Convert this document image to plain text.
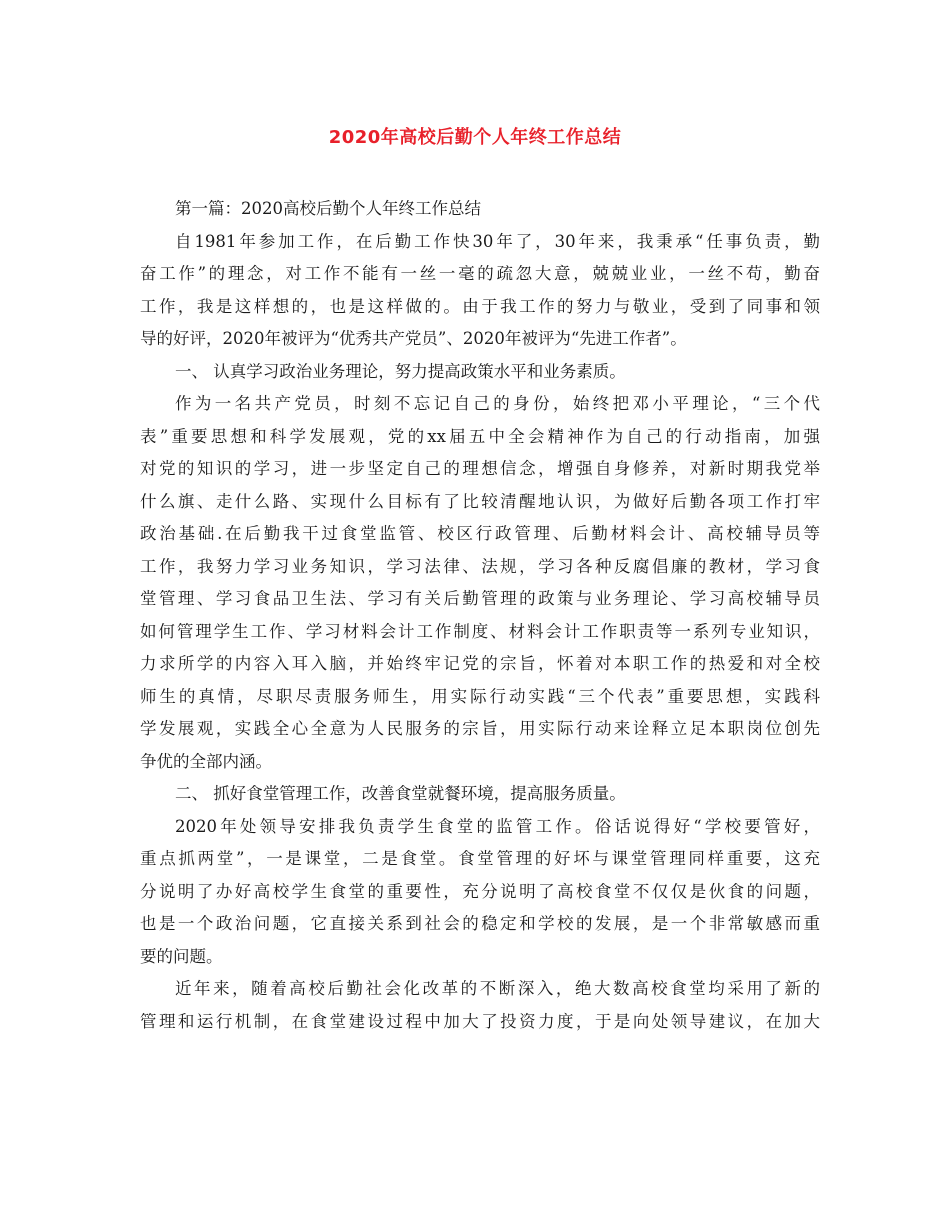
2020年高校后勤个人年终工作总结
第一篇：2020高校后勤个人年终工作总结
自1981年参加工作，在后勤工作快30年了，30年来，我秉承“任事负责，勤
奋工作”的理念，对工作不能有一丝一毫的疏忽大意，兢兢业业，一丝不苟，勤奋
工作，我是这样想的，也是这样做的。由于我工作的努力与敬业，受到了同事和领
导的好评，2020年被评为“优秀共产党员”、2020年被评为“先进工作者”。
一、 认真学习政治业务理论，努力提高政策水平和业务素质。
作为一名共产党员，时刻不忘记自己的身份，始终把邓小平理论，“三个代
表”重要思想和科学发展观，党的xx届五中全会精神作为自己的行动指南，加强
对党的知识的学习，进一步坚定自己的理想信念，增强自身修养，对新时期我党举
什么旗、走什么路、实现什么目标有了比较清醒地认识，为做好后勤各项工作打牢
政治基础.在后勤我干过食堂监管、校区行政管理、后勤材料会计、高校辅导员等
工作，我努力学习业务知识，学习法律、法规，学习各种反腐倡廉的教材，学习食
堂管理、学习食品卫生法、学习有关后勤管理的政策与业务理论、学习高校辅导员
如何管理学生工作、学习材料会计工作制度、材料会计工作职责等一系列专业知识，
力求所学的内容入耳入脑，并始终牢记党的宗旨，怀着对本职工作的热爱和对全校
师生的真情，尽职尽责服务师生，用实际行动实践“三个代表”重要思想，实践科
学发展观，实践全心全意为人民服务的宗旨，用实际行动来诠释立足本职岗位创先
争优的全部内涵。
二、 抓好食堂管理工作，改善食堂就餐环境，提高服务质量。
2020年处领导安排我负责学生食堂的监管工作。俗话说得好“学校要管好，
重点抓两堂”，一是课堂，二是食堂。食堂管理的好坏与课堂管理同样重要，这充
分说明了办好高校学生食堂的重要性，充分说明了高校食堂不仅仅是伙食的问题，
也是一个政治问题，它直接关系到社会的稳定和学校的发展，是一个非常敏感而重
要的问题。
近年来，随着高校后勤社会化改革的不断深入，绝大数高校食堂均采用了新的
管理和运行机制，在食堂建设过程中加大了投资力度，于是向处领导建议，在加大
